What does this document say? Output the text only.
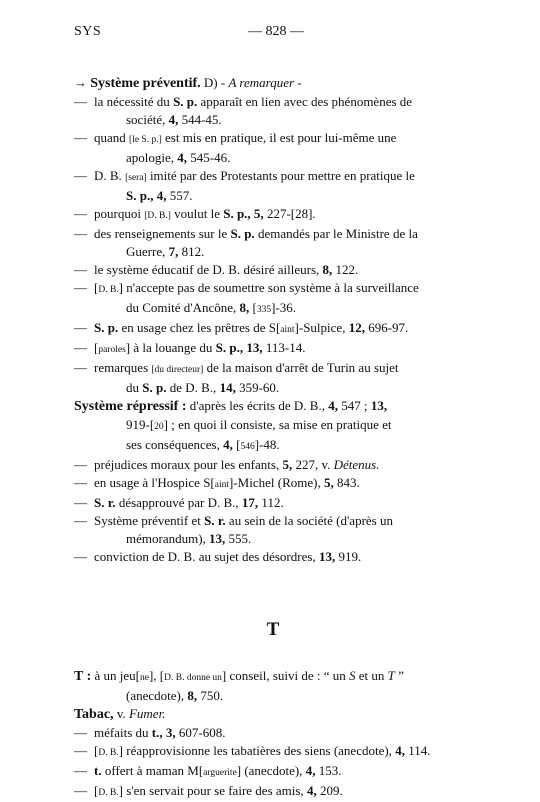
SYS	— 828 —
→ Système préventif. D) - A remarquer -
— la nécessité du S. p. apparaît en lien avec des phénomènes de
société, 4, 544-45.
— quand [le S. p.] est mis en pratique, il est pour lui-même une
apologie, 4, 545-46.
— D. B. [sera] imité par des Protestants pour mettre en pratique le
S. p., 4, 557.
— pourquoi [D. B.] voulut le S. p., 5, 227-[28].
— des renseignements sur le S. p. demandés par le Ministre de la
Guerre, 7, 812.
— le système éducatif de D. B. désiré ailleurs, 8, 122.
— [D. B.] n'accepte pas de soumettre son système à la surveillance
du Comité d'Ancône, 8, [335]-36.
— S. p. en usage chez les prêtres de S[aint]-Sulpice, 12, 696-97.
— [paroles] à la louange du S. p., 13, 113-14.
— remarques [du directeur] de la maison d'arrêt de Turin au sujet
du S. p. de D. B., 14, 359-60.
Système répressif : d'après les écrits de D. B., 4, 547 ; 13,
919-[20] ; en quoi il consiste, sa mise en pratique et
ses conséquences, 4, [546]-48.
— préjudices moraux pour les enfants, 5, 227, v. Détenus.
— en usage à l'Hospice S[aint]-Michel (Rome), 5, 843.
— S. r. désapprouvé par D. B., 17, 112.
— Système préventif et S. r. au sein de la société (d'après un
mémorandum), 13, 555.
— conviction de D. B. au sujet des désordres, 13, 919.
T
T : à un jeu[ne], [D. B. donne un] conseil, suivi de : “ un S et un T ”
(anecdote), 8, 750.
Tabac, v. Fumer.
— méfaits du t., 3, 607-608.
— [D. B.] réapprovisionne les tabatières des siens (anecdote), 4, 114.
— t. offert à maman M[arguerite] (anecdote), 4, 153.
— [D. B.] s'en servait pour se faire des amis, 4, 209.
